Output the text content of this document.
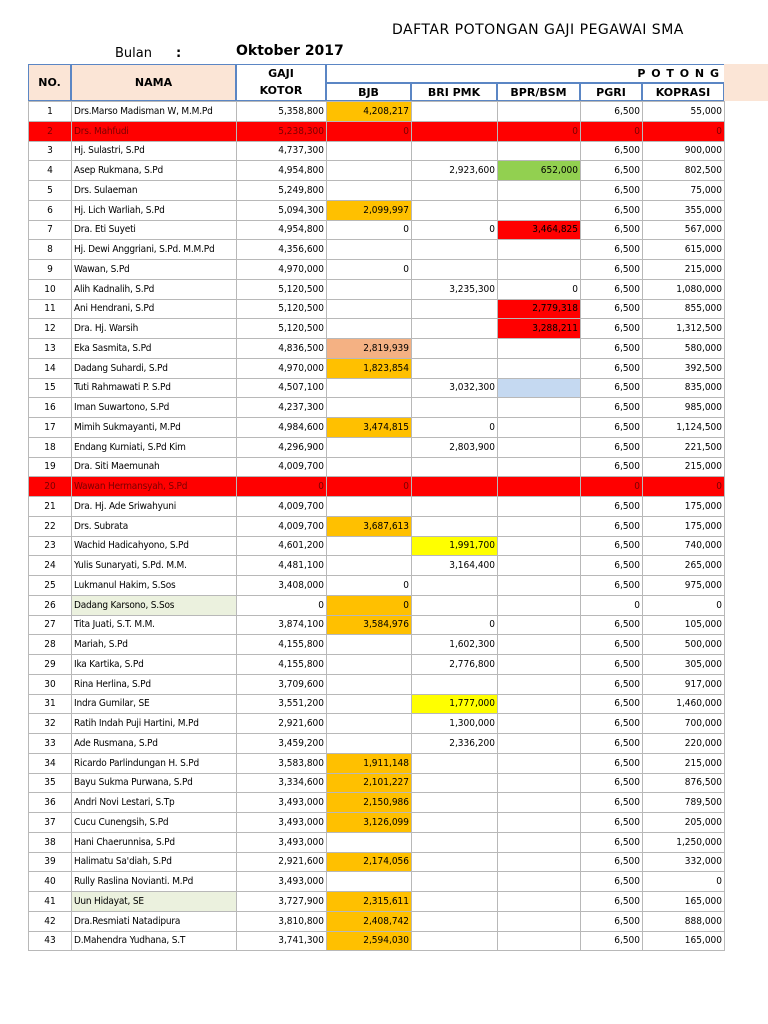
DAFTAR POTONGAN GAJI PEGAWAI SMA
Bulan :	Oktober 2017
NO.	NAMA
GAJI KOTOR
P O T O N G
BJB	BRI PMK	BPR/BSM	PGRI	KOPRASI
1	Drs.Marso Madisman W, M.M.Pd	5,358,800	4,208,217			6,500	55,000
2	Drs. Mahfudi	5,238,300	0		0	0	0
3	Hj. Sulastri, S.Pd	4,737,300				6,500	900,000
4	Asep Rukmana, S.Pd	4,954,800		2,923,600	652,000	6,500	802,500
5	Drs. Sulaeman	5,249,800				6,500	75,000
6	Hj. Lich Warliah, S.Pd	5,094,300	2,099,997			6,500	355,000
7	Dra. Eti Suyeti	4,954,800	0	0	3,464,825	6,500	567,000
8	Hj. Dewi Anggriani, S.Pd. M.M.Pd	4,356,600				6,500	615,000
9	Wawan, S.Pd	4,970,000	0			6,500	215,000
10	Alih Kadnalih, S.Pd	5,120,500		3,235,300	0	6,500	1,080,000
11	Ani Hendrani, S.Pd	5,120,500			2,779,318	6,500	855,000
12	Dra. Hj. Warsih	5,120,500			3,288,211	6,500	1,312,500
13	Eka Sasmita, S.Pd	4,836,500	2,819,939			6,500	580,000
14	Dadang Suhardi, S.Pd	4,970,000	1,823,854			6,500	392,500
15	Tuti Rahmawati P. S.Pd	4,507,100		3,032,300		6,500	835,000
16	Iman Suwartono, S.Pd	4,237,300				6,500	985,000
17	Mimih Sukmayanti, M.Pd	4,984,600	3,474,815	0		6,500	1,124,500
18	Endang Kurniati, S.Pd Kim	4,296,900		2,803,900		6,500	221,500
19	Dra. Siti Maemunah	4,009,700				6,500	215,000
20	Wawan Hermansyah, S.Pd	0	0			0	0
21	Dra. Hj. Ade Sriwahyuni	4,009,700				6,500	175,000
22	Drs. Subrata	4,009,700	3,687,613			6,500	175,000
23	Wachid Hadicahyono, S.Pd	4,601,200		1,991,700		6,500	740,000
24	Yulis Sunaryati, S.Pd. M.M.	4,481,100		3,164,400		6,500	265,000
25	Lukmanul Hakim, S.Sos	3,408,000	0			6,500	975,000
26	Dadang Karsono, S.Sos	0	0			0	0
27	Tita Juati, S.T. M.M.	3,874,100	3,584,976	0		6,500	105,000
28	Mariah, S.Pd	4,155,800		1,602,300		6,500	500,000
29	Ika Kartika, S.Pd	4,155,800		2,776,800		6,500	305,000
30	Rina Herlina, S.Pd	3,709,600				6,500	917,000
31	Indra Gumilar, SE	3,551,200		1,777,000		6,500	1,460,000
32	Ratih Indah Puji Hartini, M.Pd	2,921,600		1,300,000		6,500	700,000
33	Ade Rusmana, S.Pd	3,459,200		2,336,200		6,500	220,000
34	Ricardo Parlindungan H. S.Pd	3,583,800	1,911,148			6,500	215,000
35	Bayu Sukma Purwana, S.Pd	3,334,600	2,101,227			6,500	876,500
36	Andri Novi Lestari, S.Tp	3,493,000	2,150,986			6,500	789,500
37	Cucu Cunengsih, S.Pd	3,493,000	3,126,099			6,500	205,000
38	Hani Chaerunnisa, S.Pd	3,493,000				6,500	1,250,000
39	Halimatu Sa'diah, S.Pd	2,921,600	2,174,056			6,500	332,000
40	Rully Raslina Novianti. M.Pd	3,493,000				6,500	0
41	Uun Hidayat, SE	3,727,900	2,315,611			6,500	165,000
42	Dra.Resmiati Natadipura	3,810,800	2,408,742			6,500	888,000
43	D.Mahendra Yudhana, S.T	3,741,300	2,594,030			6,500	165,000
